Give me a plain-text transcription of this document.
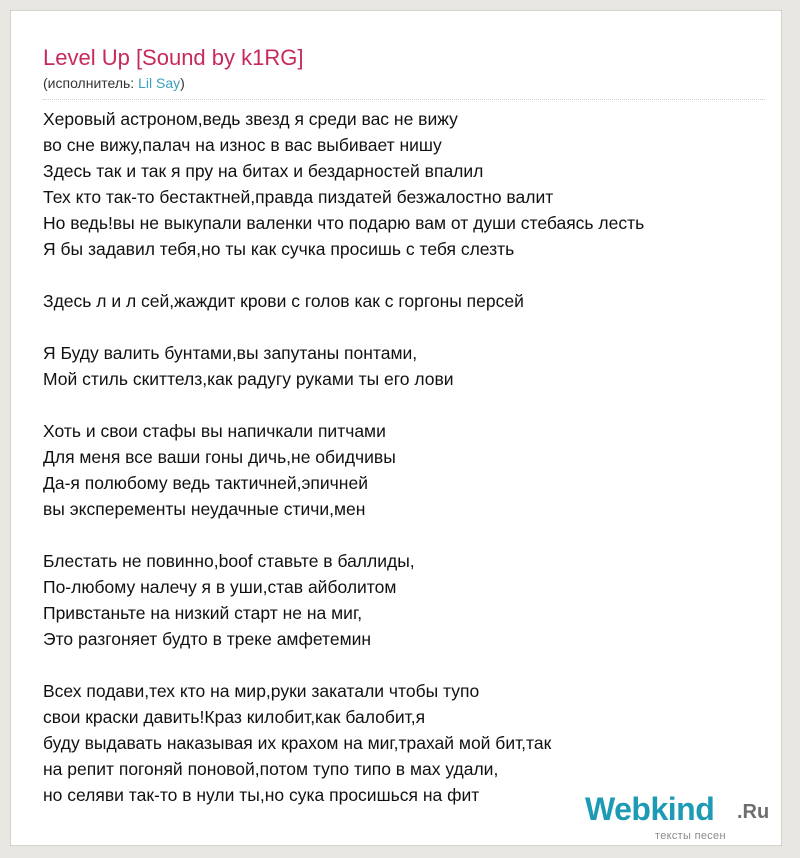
Level Up [Sound by k1RG]
(исполнитель: Lil Say)
Херовый астроном,ведь звезд я среди вас не вижу
во сне вижу,палач на износ в вас выбивает нишу
Здесь так и так я пру на битах и бездарностей впалил
Тех кто так-то бестактней,правда пиздатей безжалостно валит
Но ведь!вы не выкупали валенки что подарю вам от души стебаясь лесть
Я бы задавил тебя,но ты как сучка просишь с тебя слезть
Здесь л и л сей,жаждит крови с голов как с горгоны персей
Я Буду валить бунтами,вы запутаны понтами,
Мой стиль скиттелз,как радугу руками ты его лови
Хоть и свои стафы вы напичкали питчами
Для меня все ваши гоны дичь,не обидчивы
Да-я полюбому ведь тактичней,эпичней
вы эксперементы неудачные стичи,мен
Блестать не повинно,boof ставьте в баллиды,
По-любому налечу я в уши,став айболитом
Привстаньте на низкий старт не на миг,
Это разгоняет будто в треке амфетемин
Всех подави,тех кто на мир,руки закатали чтобы тупо
свои краски давить!Краз килобит,как балобит,я
буду выдавать наказывая их крахом на миг,трахай мой бит,так
на репит погоняй поновой,потом тупо типо в мах удали,
но селяви так-то в нули ты,но сука просишься на фит	Webkind .Ru
тексты песен
